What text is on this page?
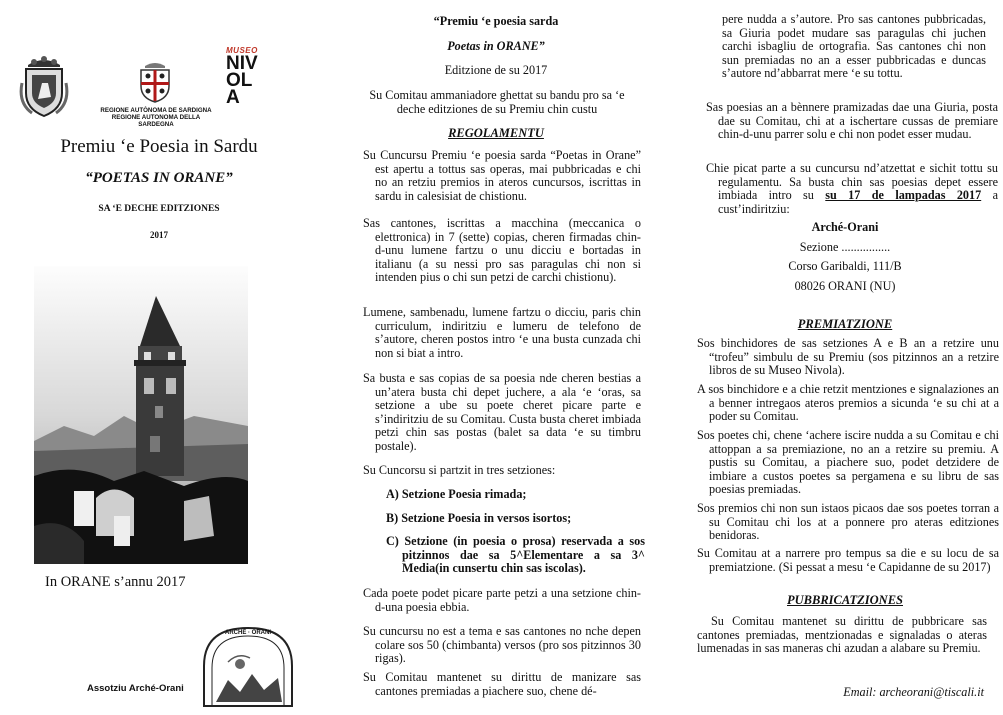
REGIONE AUTÒNOMA DE SARDIGNA
REGIONE AUTONOMA DELLA SARDEGNA
MUSEO
NIVOLA
Premiu ‘e Poesia in Sardu
“POETAS IN ORANE”
SA ‘E DECHE EDITZIONES
2017
In ORANE s’annu 2017
Assotziu Arché-Orani
ARCHÉ · ORANI
“Premiu ‘e poesia sarda
Poetas in ORANE”
Editzione de su 2017
Su Comitau ammaniadore ghettat su bandu pro sa ‘e deche editziones de su Premiu chin custu
REGOLAMENTU

Su Cuncursu Premiu ‘e poesia sarda “Poetas in Orane” est apertu a tottus sas operas, mai pubbricadas e chi no an retziu premios in ateros cuncursos, iscrittas in sardu in calesisiat de chistionu.

Sas cantones, iscrittas a macchina (meccanica o elettronica) in 7 (sette) copias, cheren firmadas chin-d-unu lumene fartzu o unu dicciu e bortadas in italianu (a su nessi pro sas paragulas chi non si intenden pius o chi sun petzi de carchi chistionu).

Lumene, sambenadu, lumene fartzu o dicciu, paris chin curriculum, indiritziu e lumeru de telefono de s’autore, cheren postos intro ‘e una busta cunzada chi non si biat a intro.

Sa busta e sas copias de sa poesia nde cheren bestias a un’atera busta chi depet juchere, a ala ‘e ‘oras, sa setzione a ube su poete cheret picare parte e s’indiritziu de su Comitau. Custa busta cheret imbiada petzi chin sas postas (balet sa data ‘e su timbru postale).

Su Cuncorsu si partzit in tres setziones:

A) Setzione Poesia rimada;

B) Setzione Poesia in versos isortos;

C) Setzione (in poesia o prosa) reservada a sos pitzinnos dae sa 5^Elementare a sa 3^ Media(in cunsertu chin sas iscolas).

Cada poete podet picare parte petzi a una setzione chin-d-una poesia ebbia.

Su cuncursu no est a tema e sas cantones no nche depen colare sos 50 (chimbanta) versos (pro sos pitzinnos 30 rigas).

Su Comitau mantenet su dirittu de manizare sas cantones premiadas a piachere suo, chene dé-

pere nudda a s’autore. Pro sas cantones pubbricadas, sa Giuria podet mudare sas paragulas chi juchen carchi isbagliu de ortografia. Sas cantones chi non sun premiadas no an a esser pubbricadas e duncas s’autore nd’abbarrat mere ‘e su tottu.

Sas poesias an a bènnere pramizadas dae una Giuria, posta dae su Comitau, chi at a ischertare cussas de premiare chin-d-unu parrer solu e chi non podet esser mudau.

Chie picat parte a su cuncursu nd’atzettat e sichit tottu su regulamentu. Sa busta chin sas poesias depet essere imbiada intro su su 17 de lampadas 2017 a cust’indiritziu:

Arché-Orani
Sezione ................
Corso Garibaldi, 111/B
08026 ORANI (NU)
PREMIATZIONE

Sos binchidores de sas setziones A e B an a retzire unu “trofeu” simbulu de su Premiu (sos pitzinnos an a retzire libros de su Museo Nivola).

A sos binchidore e a chie retzit mentziones e signalaziones an a benner intregaos ateros premios a sicunda ‘e su chi at a poder su Comitau.

Sos poetes chi, chene ‘achere iscire nudda a su Comitau e chi attoppan a sa premiazione, no an a retzire su premiu. A pustis su Comitau, a piachere suo, podet detzidere de imbiare a custos poetes sa pergamena e su libru de sas poesias premiadas.

Sos premios chi non sun istaos picaos dae sos poetes torran a su Comitau chi los at a ponnere pro ateras editziones benidoras.

Su Comitau at a narrere pro tempus sa die e su locu de sa premiatzione. (Si pessat a mesu ‘e Capidanne de su 2017)

PUBBRICATZIONES

Su Comitau mantenet su dirittu de pubbricare sas cantones premiadas, mentzionadas e signaladas o ateras lumenadas in sas maneras chi azudan a alabare su Premiu.

Email: archeorani@tiscali.it
